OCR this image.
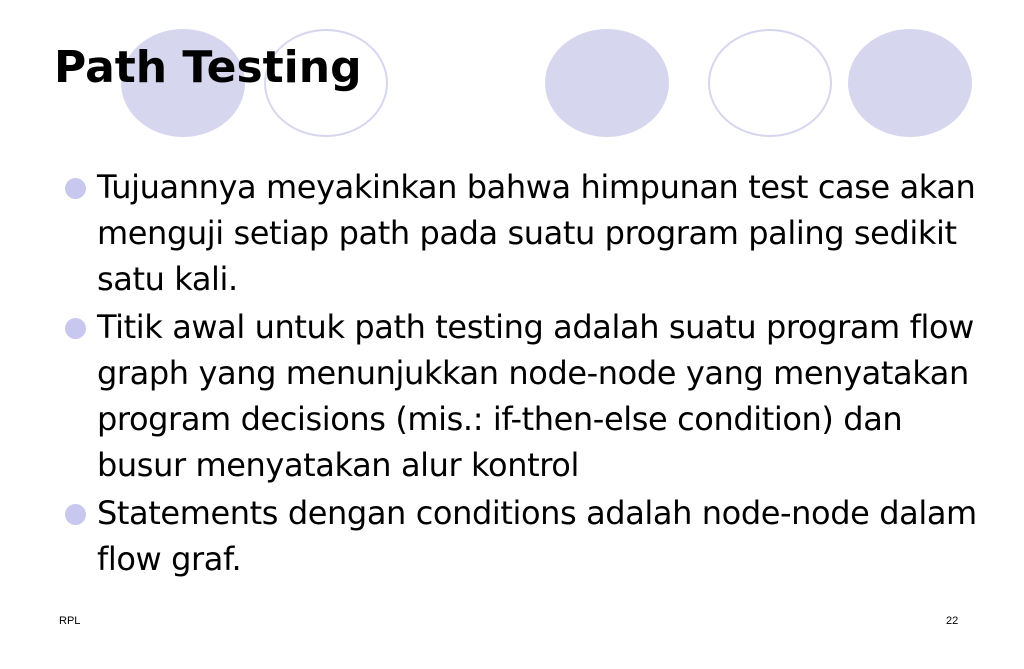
Path Testing
Tujuannya meyakinkan bahwa himpunan test case akan menguji setiap path pada suatu program paling sedikit satu kali.
Titik awal untuk path testing adalah suatu program flow graph yang menunjukkan node-node yang menyatakan program decisions (mis.: if-then-else condition) dan busur menyatakan alur kontrol
Statements dengan conditions adalah node-node dalam flow graf.
RPL	22
